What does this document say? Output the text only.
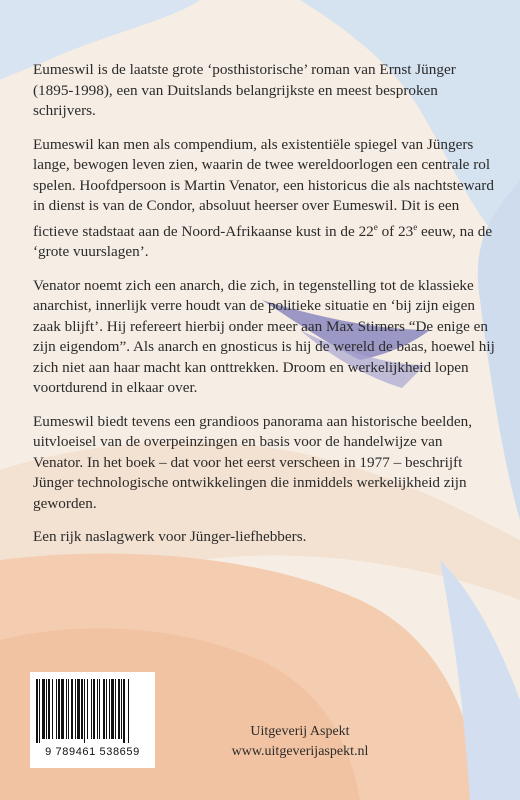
Eumeswil is de laatste grote ‘posthistorische’ roman van Ernst Jünger (1895-1998), een van Duitslands belangrijkste en meest besproken schrijvers.

Eumeswil kan men als compendium, als existentiële spiegel van Jüngers lange, bewogen leven zien, waarin de twee wereldoorlogen een centrale rol spelen. Hoofdpersoon is Martin Venator, een historicus die als nachtsteward in dienst is van de Condor, absoluut heerser over Eumeswil. Dit is een fictieve stadstaat aan de Noord-Afrikaanse kust in de 22e of 23e eeuw, na de ‘grote vuurslagen’.

Venator noemt zich een anarch, die zich, in tegenstelling tot de klassieke anarchist, innerlijk verre houdt van de politieke situatie en ‘bij zijn eigen zaak blijft’. Hij refereert hierbij onder meer aan Max Stirners “De enige en zijn eigendom”. Als anarch en gnosticus is hij de wereld de baas, hoewel hij zich niet aan haar macht kan onttrekken. Droom en werkelijkheid lopen voortdurend in elkaar over.

Eumeswil biedt tevens een grandioos panorama aan historische beelden, uitvloeisel van de overpeinzingen en basis voor de handelwijze van Venator. In het boek – dat voor het eerst verscheen in 1977 – beschrijft Jünger technologische ontwikkelingen die inmiddels werkelijkheid zijn geworden.

Een rijk naslagwerk voor Jünger-liefhebbers.

9 789461 538659
Uitgeverij Aspekt
www.uitgeverijaspekt.nl
